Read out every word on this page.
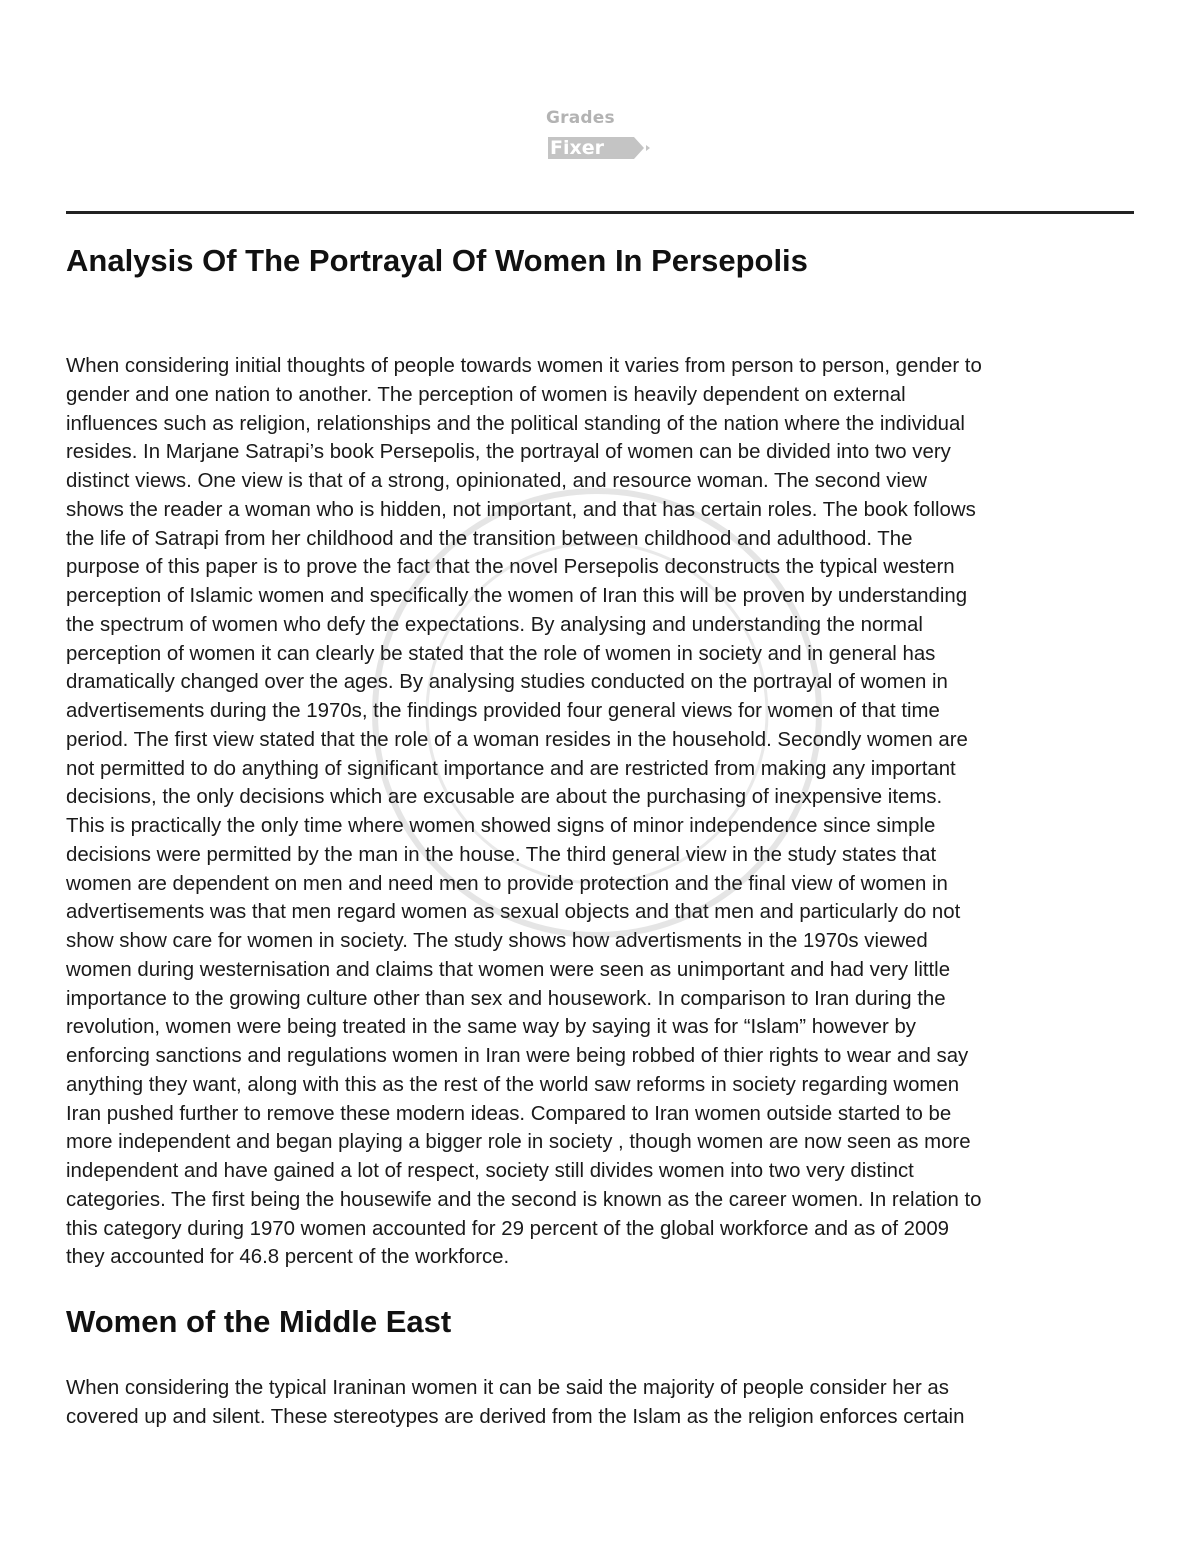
Grades
Fixer
Analysis Of The Portrayal Of Women In Persepolis
When considering initial thoughts of people towards women it varies from person to person, gender to
gender and one nation to another. The perception of women is heavily dependent on external
influences such as religion, relationships and the political standing of the nation where the individual
resides. In Marjane Satrapi’s book Persepolis, the portrayal of women can be divided into two very
distinct views. One view is that of a strong, opinionated, and resource woman. The second view
shows the reader a woman who is hidden, not important, and that has certain roles. The book follows
the life of Satrapi from her childhood and the transition between childhood and adulthood. The
purpose of this paper is to prove the fact that the novel Persepolis deconstructs the typical western
perception of Islamic women and specifically the women of Iran this will be proven by understanding
the spectrum of women who defy the expectations. By analysing and understanding the normal
perception of women it can clearly be stated that the role of women in society and in general has
dramatically changed over the ages. By analysing studies conducted on the portrayal of women in
advertisements during the 1970s, the findings provided four general views for women of that time
period. The first view stated that the role of a woman resides in the household. Secondly women are
not permitted to do anything of significant importance and are restricted from making any important
decisions, the only decisions which are excusable are about the purchasing of inexpensive items.
This is practically the only time where women showed signs of minor independence since simple
decisions were permitted by the man in the house. The third general view in the study states that
women are dependent on men and need men to provide protection and the final view of women in
advertisements was that men regard women as sexual objects and that men and particularly do not
show show care for women in society. The study shows how advertisments in the 1970s viewed
women during westernisation and claims that women were seen as unimportant and had very little
importance to the growing culture other than sex and housework. In comparison to Iran during the
revolution, women were being treated in the same way by saying it was for “Islam” however by
enforcing sanctions and regulations women in Iran were being robbed of thier rights to wear and say
anything they want, along with this as the rest of the world saw reforms in society regarding women
Iran pushed further to remove these modern ideas. Compared to Iran women outside started to be
more independent and began playing a bigger role in society , though women are now seen as more
independent and have gained a lot of respect, society still divides women into two very distinct
categories. The first being the housewife and the second is known as the career women. In relation to
this category during 1970 women accounted for 29 percent of the global workforce and as of 2009
they accounted for 46.8 percent of the workforce.
Women of the Middle East
When considering the typical Iraninan women it can be said the majority of people consider her as
covered up and silent. These stereotypes are derived from the Islam as the religion enforces certain
